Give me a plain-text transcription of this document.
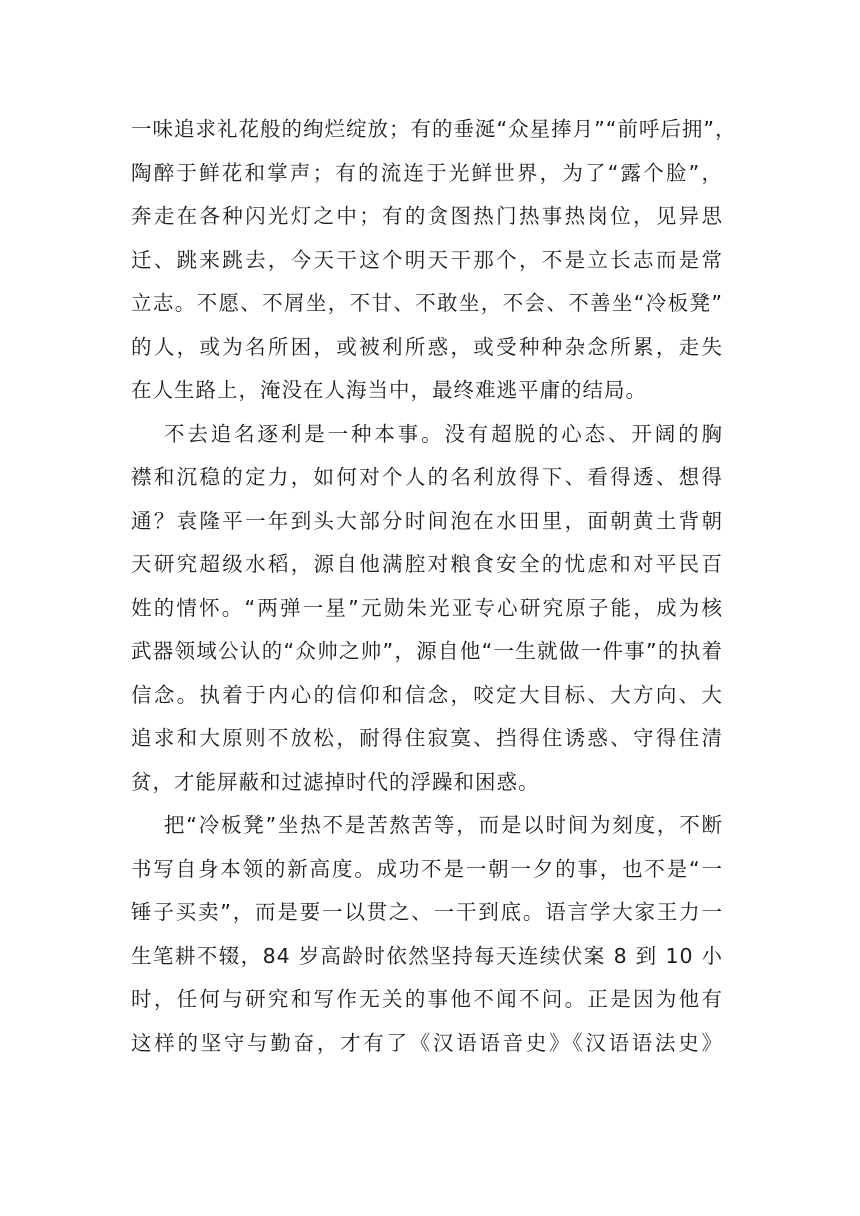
一味追求礼花般的绚烂绽放；有的垂涎“众星捧月”“前呼后拥”，
陶醉于鲜花和掌声；有的流连于光鲜世界，为了“露个脸”，
奔走在各种闪光灯之中；有的贪图热门热事热岗位，见异思
迁、跳来跳去，今天干这个明天干那个，不是立长志而是常
立志。不愿、不屑坐，不甘、不敢坐，不会、不善坐“冷板凳”
的人，或为名所困，或被利所惑，或受种种杂念所累，走失
在人生路上，淹没在人海当中，最终难逃平庸的结局。
不去追名逐利是一种本事。没有超脱的心态、开阔的胸
襟和沉稳的定力，如何对个人的名利放得下、看得透、想得
通？袁隆平一年到头大部分时间泡在水田里，面朝黄土背朝
天研究超级水稻，源自他满腔对粮食安全的忧虑和对平民百
姓的情怀。“两弹一星”元勋朱光亚专心研究原子能，成为核
武器领域公认的“众帅之帅”，源自他“一生就做一件事”的执着
信念。执着于内心的信仰和信念，咬定大目标、大方向、大
追求和大原则不放松，耐得住寂寞、挡得住诱惑、守得住清
贫，才能屏蔽和过滤掉时代的浮躁和困惑。
把“冷板凳”坐热不是苦熬苦等，而是以时间为刻度，不断
书写自身本领的新高度。成功不是一朝一夕的事，也不是“一
锤子买卖”，而是要一以贯之、一干到底。语言学大家王力一
生笔耕不辍，84 岁高龄时依然坚持每天连续伏案 8 到 10 小
时，任何与研究和写作无关的事他不闻不问。正是因为他有
这样的坚守与勤奋，才有了《汉语语音史》《汉语语法史》
